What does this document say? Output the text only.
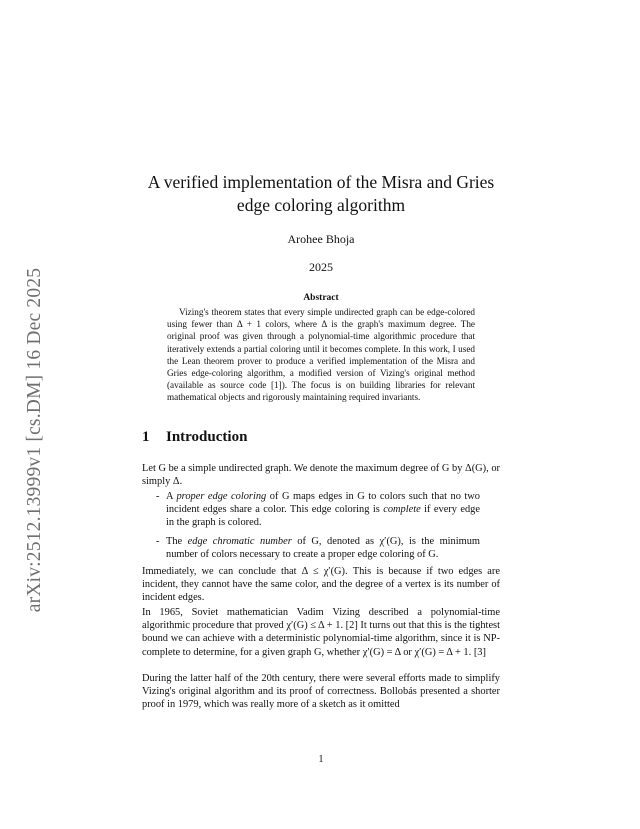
arXiv:2512.13999v1 [cs.DM] 16 Dec 2025
A verified implementation of the Misra and Gries
edge coloring algorithm
Arohee Bhoja
2025
Abstract

Vizing's theorem states that every simple undirected graph can be edge-colored using fewer than Δ + 1 colors, where Δ is the graph's maximum degree. The original proof was given through a polynomial-time algorithmic procedure that iteratively extends a partial coloring until it becomes complete. In this work, I used the Lean theorem prover to produce a verified implementation of the Misra and Gries edge-coloring algorithm, a modified version of Vizing's original method (available as source code [1]). The focus is on building libraries for relevant mathematical objects and rigorously maintaining required invariants.

1 Introduction

Let G be a simple undirected graph. We denote the maximum degree of G by Δ(G), or simply Δ.

- A proper edge coloring of G maps edges in G to colors such that no two incident edges share a color. This edge coloring is complete if every edge in the graph is colored.
- The edge chromatic number of G, denoted as χ′(G), is the minimum number of colors necessary to create a proper edge coloring of G.

Immediately, we can conclude that Δ ≤ χ′(G). This is because if two edges are incident, they cannot have the same color, and the degree of a vertex is its number of incident edges.

In 1965, Soviet mathematician Vadim Vizing described a polynomial-time algorithmic procedure that proved χ′(G) ≤ Δ + 1. [2] It turns out that this is the tightest bound we can achieve with a deterministic polynomial-time algorithm, since it is NP-complete to determine, for a given graph G, whether χ′(G) = Δ or χ′(G) = Δ + 1. [3]

During the latter half of the 20th century, there were several efforts made to simplify Vizing's original algorithm and its proof of correctness. Bollobás presented a shorter proof in 1979, which was really more of a sketch as it omitted

1
